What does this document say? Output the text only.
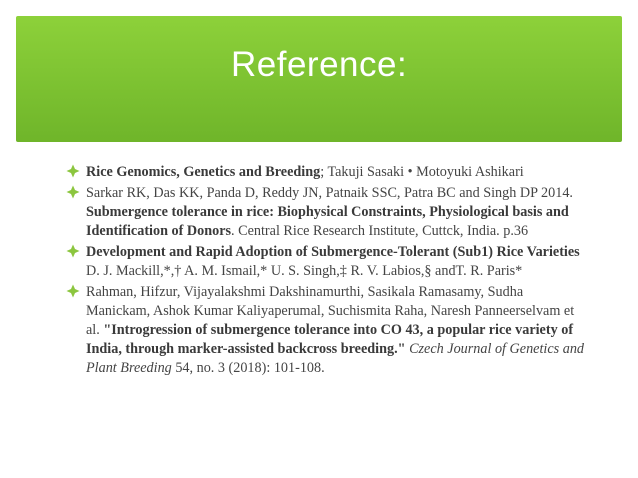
Reference:
Rice Genomics, Genetics and Breeding; Takuji Sasaki • Motoyuki Ashikari
Sarkar RK, Das KK, Panda D, Reddy JN, Patnaik SSC, Patra BC and Singh DP 2014. Submergence tolerance in rice: Biophysical Constraints, Physiological basis and Identification of Donors. Central Rice Research Institute, Cuttck, India. p.36
Development and Rapid Adoption of Submergence-Tolerant (Sub1) Rice Varieties D. J. Mackill,*,† A. M. Ismail,* U. S. Singh,‡ R. V. Labios,§ andT. R. Paris*
Rahman, Hifzur, Vijayalakshmi Dakshinamurthi, Sasikala Ramasamy, Sudha Manickam, Ashok Kumar Kaliyaperumal, Suchismita Raha, Naresh Panneerselvam et al. "Introgression of submergence tolerance into CO 43, a popular rice variety of India, through marker-assisted backcross breeding." Czech Journal of Genetics and Plant Breeding 54, no. 3 (2018): 101-108.
